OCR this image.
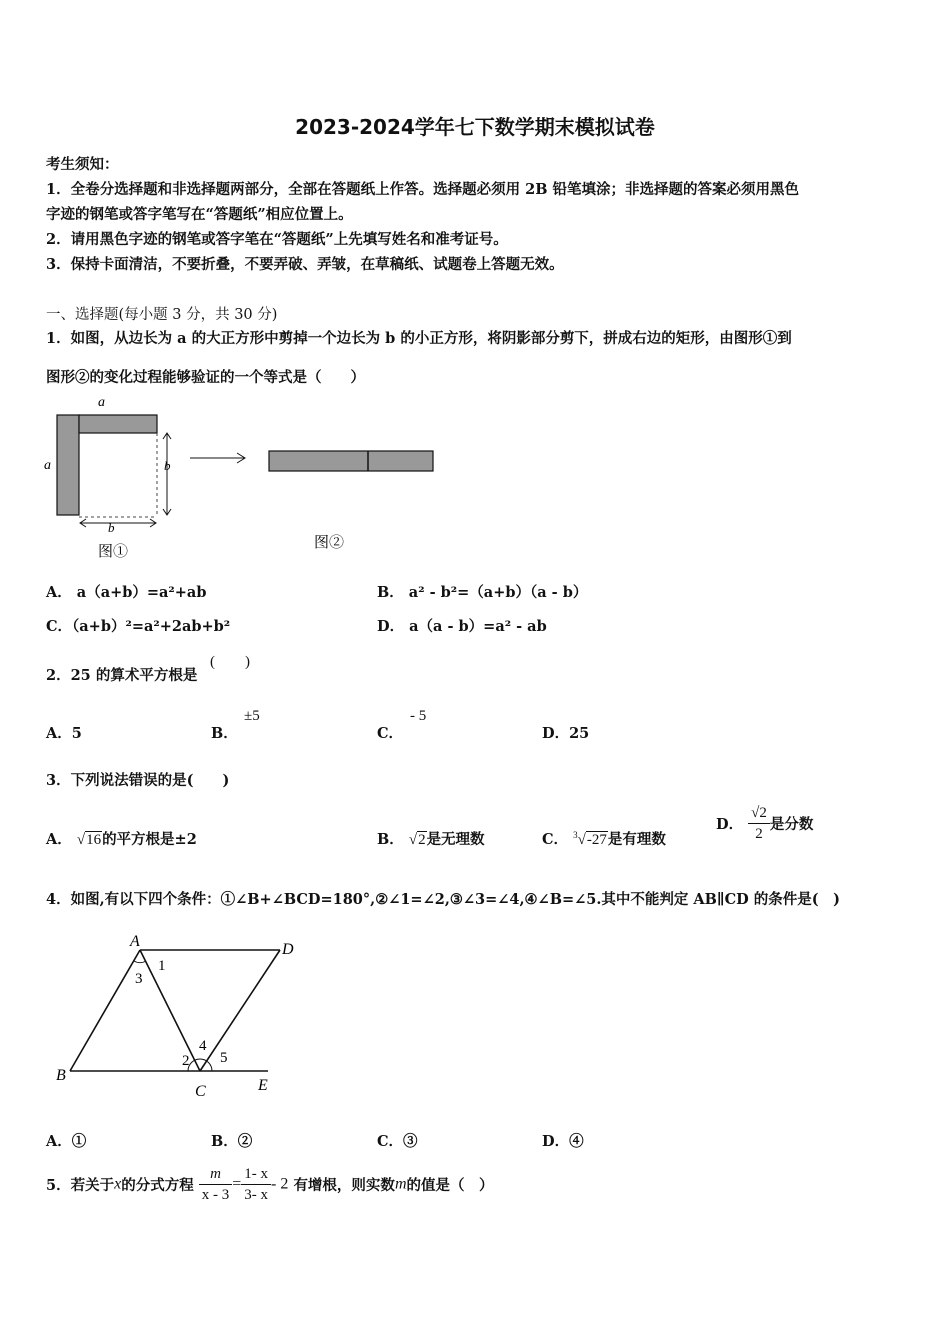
2023-2024学年七下数学期末模拟试卷
考生须知：
1．全卷分选择题和非选择题两部分，全部在答题纸上作答。选择题必须用 2B 铅笔填涂；非选择题的答案必须用黑色
字迹的钢笔或答字笔写在“答题纸”相应位置上。
2．请用黑色字迹的钢笔或答字笔在“答题纸”上先填写姓名和准考证号。
3．保持卡面清洁，不要折叠，不要弄破、弄皱，在草稿纸、试题卷上答题无效。
一、选择题(每小题 3 分，共 30 分)
1．如图，从边长为 a 的大正方形中剪掉一个边长为 b 的小正方形，将阴影部分剪下，拼成右边的矩形，由图形①到
图形②的变化过程能够验证的一个等式是（　　）
a
a	b
b
图①
图②
A． a（a+b）=a²+ab	B． a² - b²=（a+b）（a - b）
C．（a+b）²=a²+2ab+b²	D． a（a - b）=a² - ab
2．25 的算术平方根是
(　　)
A．5	B．
±5
C．
- 5
D．25
3．下列说法错误的是(　　)
A． √16的平方根是±2	B． √2是无理数	C． $^3$√-27是有理数
D． $\frac{√2}{2}$ 是分数
4．如图,有以下四个条件：①∠B+∠BCD=180°,②∠1=∠2,③∠3=∠4,④∠B=∠5.其中不能判定 AB∥CD 的条件是(　)
A	D
B
C	E
1
2
3
4
5
A．①	B．②	C．③	D．④
5．若关于x的分式方程 $\frac{m}{x - 3} = \frac{1- x}{3- x} - 2$ 有增根，则实数m的值是（　）
